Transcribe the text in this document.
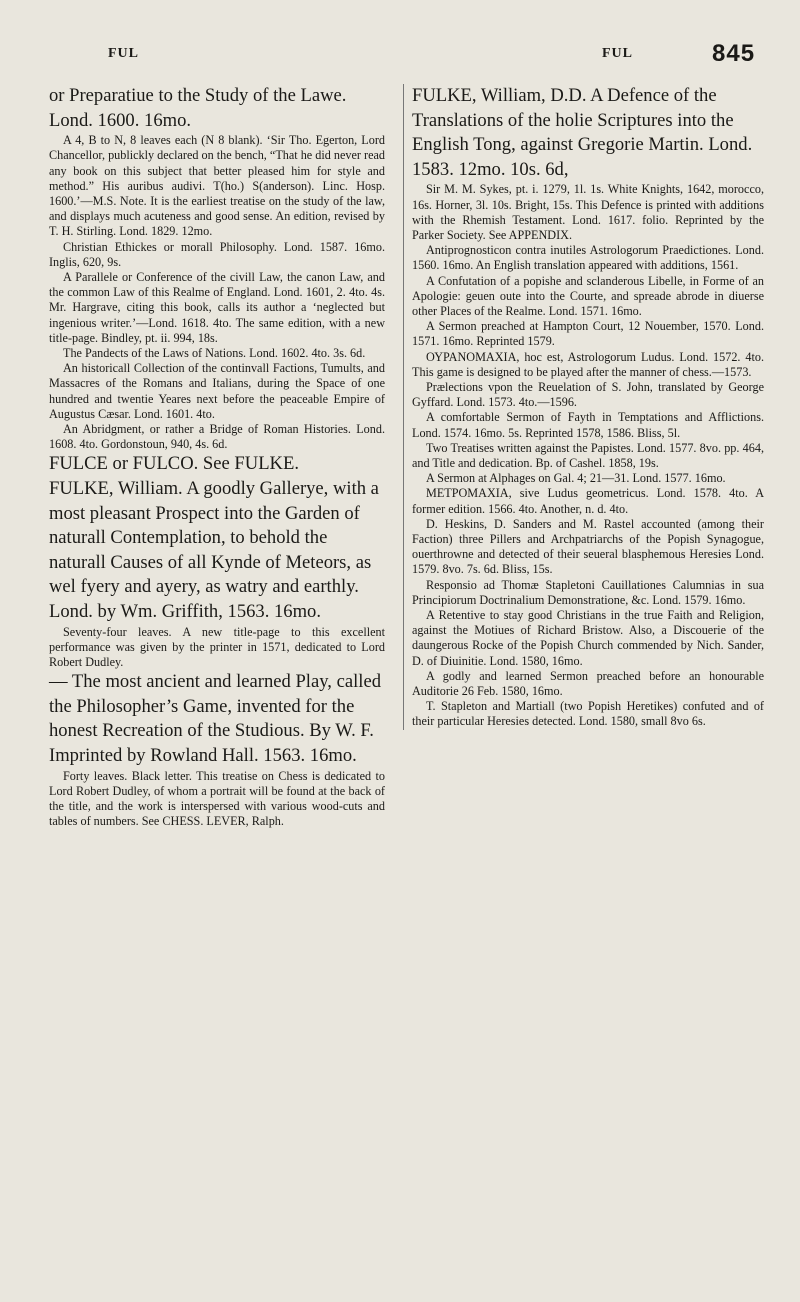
FUL	FUL	845

or Preparatiue to the Study of the Lawe. Lond. 1600. 16mo.

A 4, B to N, 8 leaves each (N 8 blank). ‘Sir Tho. Egerton, Lord Chancellor, publickly declared on the bench, “That he did never read any book on this subject that better pleased him for style and method.” His auribus audivi. T(ho.) S(anderson). Linc. Hosp. 1600.’—M.S. Note. It is the earliest treatise on the study of the law, and displays much acuteness and good sense. An edition, revised by T. H. Stirling. Lond. 1829. 12mo.

Christian Ethickes or morall Philosophy. Lond. 1587. 16mo. Inglis, 620, 9s.

A Parallele or Conference of the civill Law, the canon Law, and the common Law of this Realme of England. Lond. 1601, 2. 4to. 4s. Mr. Hargrave, citing this book, calls its author a ‘neglected but ingenious writer.’—Lond. 1618. 4to. The same edition, with a new title-page. Bindley, pt. ii. 994, 18s.

The Pandects of the Laws of Nations. Lond. 1602. 4to. 3s. 6d.

An historicall Collection of the continvall Factions, Tumults, and Massacres of the Romans and Italians, during the Space of one hundred and twentie Yeares next before the peaceable Empire of Augustus Cæsar. Lond. 1601. 4to.

An Abridgment, or rather a Bridge of Roman Histories. Lond. 1608. 4to. Gordonstoun, 940, 4s. 6d.

FULCE or FULCO. See FULKE.

FULKE, William. A goodly Gallerye, with a most pleasant Prospect into the Garden of naturall Contemplation, to behold the naturall Causes of all Kynde of Meteors, as wel fyery and ayery, as watry and earthly. Lond. by Wm. Griffith, 1563. 16mo.

Seventy-four leaves. A new title-page to this excellent performance was given by the printer in 1571, dedicated to Lord Robert Dudley.

— The most ancient and learned Play, called the Philosopher’s Game, invented for the honest Recreation of the Studious. By W. F. Imprinted by Rowland Hall. 1563. 16mo.

Forty leaves. Black letter. This treatise on Chess is dedicated to Lord Robert Dudley, of whom a portrait will be found at the back of the title, and the work is interspersed with various wood-cuts and tables of numbers. See CHESS. LEVER, Ralph.

FULKE, William, D.D. A Defence of the Translations of the holie Scriptures into the English Tong, against Gregorie Martin. Lond. 1583. 12mo. 10s. 6d,

Sir M. M. Sykes, pt. i. 1279, 1l. 1s. White Knights, 1642, morocco, 16s. Horner, 3l. 10s. Bright, 15s. This Defence is printed with additions with the Rhemish Testament. Lond. 1617. folio. Reprinted by the Parker Society. See APPENDIX.

Antiprognosticon contra inutiles Astrologorum Praedictiones. Lond. 1560. 16mo. An English translation appeared with additions, 1561.

A Confutation of a popishe and sclanderous Libelle, in Forme of an Apologie: geuen oute into the Courte, and spreade abrode in diuerse other Places of the Realme. Lond. 1571. 16mo.

A Sermon preached at Hampton Court, 12 Nouember, 1570. Lond. 1571. 16mo. Reprinted 1579.

ΟΥΡΑΝΟΜΑΧΙΑ, hoc est, Astrologorum Ludus. Lond. 1572. 4to. This game is designed to be played after the manner of chess.—1573.

Prælections vpon the Reuelation of S. John, translated by George Gyffard. Lond. 1573. 4to.—1596.

A comfortable Sermon of Fayth in Temptations and Afflictions. Lond. 1574. 16mo. 5s. Reprinted 1578, 1586. Bliss, 5l.

Two Treatises written against the Papistes. Lond. 1577. 8vo. pp. 464, and Title and dedication. Bp. of Cashel. 1858, 19s.

A Sermon at Alphages on Gal. 4; 21—31. Lond. 1577. 16mo.

ΜΕΤΡΟΜΑΧΙΑ, sive Ludus geometricus. Lond. 1578. 4to. A former edition. 1566. 4to. Another, n. d. 4to.

D. Heskins, D. Sanders and M. Rastel accounted (among their Faction) three Pillers and Archpatriarchs of the Popish Synagogue, ouerthrowne and detected of their seueral blasphemous Heresies Lond. 1579. 8vo. 7s. 6d. Bliss, 15s.

Responsio ad Thomæ Stapletoni Cauillationes Calumnias in sua Principiorum Doctrinalium Demonstratione, &c. Lond. 1579. 16mo.

A Retentive to stay good Christians in the true Faith and Religion, against the Motiues of Richard Bristow. Also, a Discouerie of the daungerous Rocke of the Popish Church commended by Nich. Sander, D. of Diuinitie. Lond. 1580, 16mo.

A godly and learned Sermon preached before an honourable Auditorie 26 Feb. 1580, 16mo.

T. Stapleton and Martiall (two Popish Heretikes) confuted and of their particular Heresies detected. Lond. 1580, small 8vo 6s.
